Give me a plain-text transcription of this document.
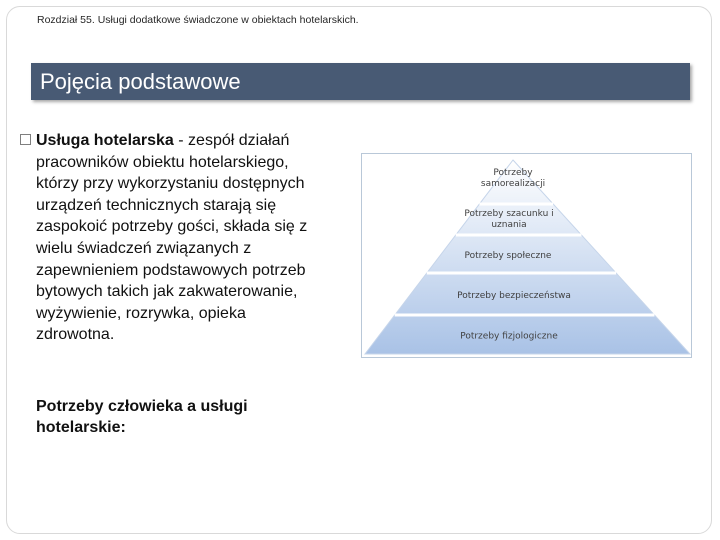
Rozdział 55. Usługi dodatkowe świadczone w obiektach hotelarskich.
Pojęcia podstawowe
Usługa hotelarska - zespół działań pracowników obiektu hotelarskiego, którzy przy wykorzystaniu dostępnych urządzeń technicznych starają się zaspokoić potrzeby gości, składa się z wielu świadczeń związanych z zapewnieniem podstawowych potrzeb bytowych takich jak zakwaterowanie, wyżywienie, rozrywka, opieka zdrowotna.
Potrzeby człowieka a usługi hotelarskie:
Potrzeby
samorealizacji
Potrzeby szacunku i
uznania
Potrzeby społeczne
Potrzeby bezpieczeństwa
Potrzeby fizjologiczne
